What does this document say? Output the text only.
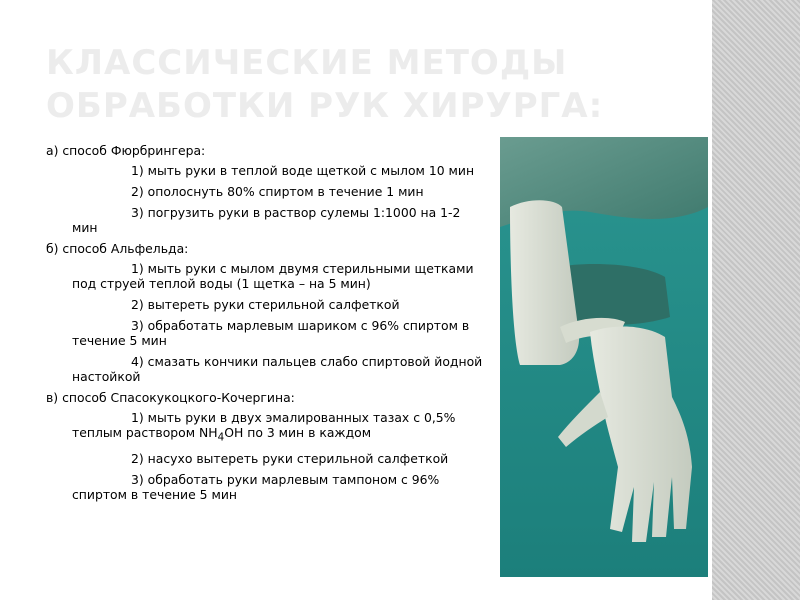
КЛАССИЧЕСКИЕ МЕТОДЫ
ОБРАБОТКИ РУК ХИРУРГА:

а) способ Фюрбрингера:

1) мыть руки в теплой воде щеткой с мылом 10 мин

2) ополоснуть 80% спиртом в течение 1 мин

3) погрузить руки в раствор сулемы 1:1000 на 1-2 мин

б) способ Альфельда:

1) мыть руки с мылом двумя стерильными щетками под струей теплой воды (1 щетка – на 5 мин)

2) вытереть руки стерильной салфеткой

3) обработать марлевым шариком с 96% спиртом в течение 5 мин

4) смазать кончики пальцев слабо спиртовой йодной настойкой

в) способ Спасокукоцкого-Кочергина:

1) мыть руки в двух эмалированных тазах с 0,5% теплым раствором $NH_4OH$ по 3 мин в каждом

2) насухо вытереть руки стерильной салфеткой

3) обработать руки марлевым тампоном с 96% спиртом в течение 5 мин
